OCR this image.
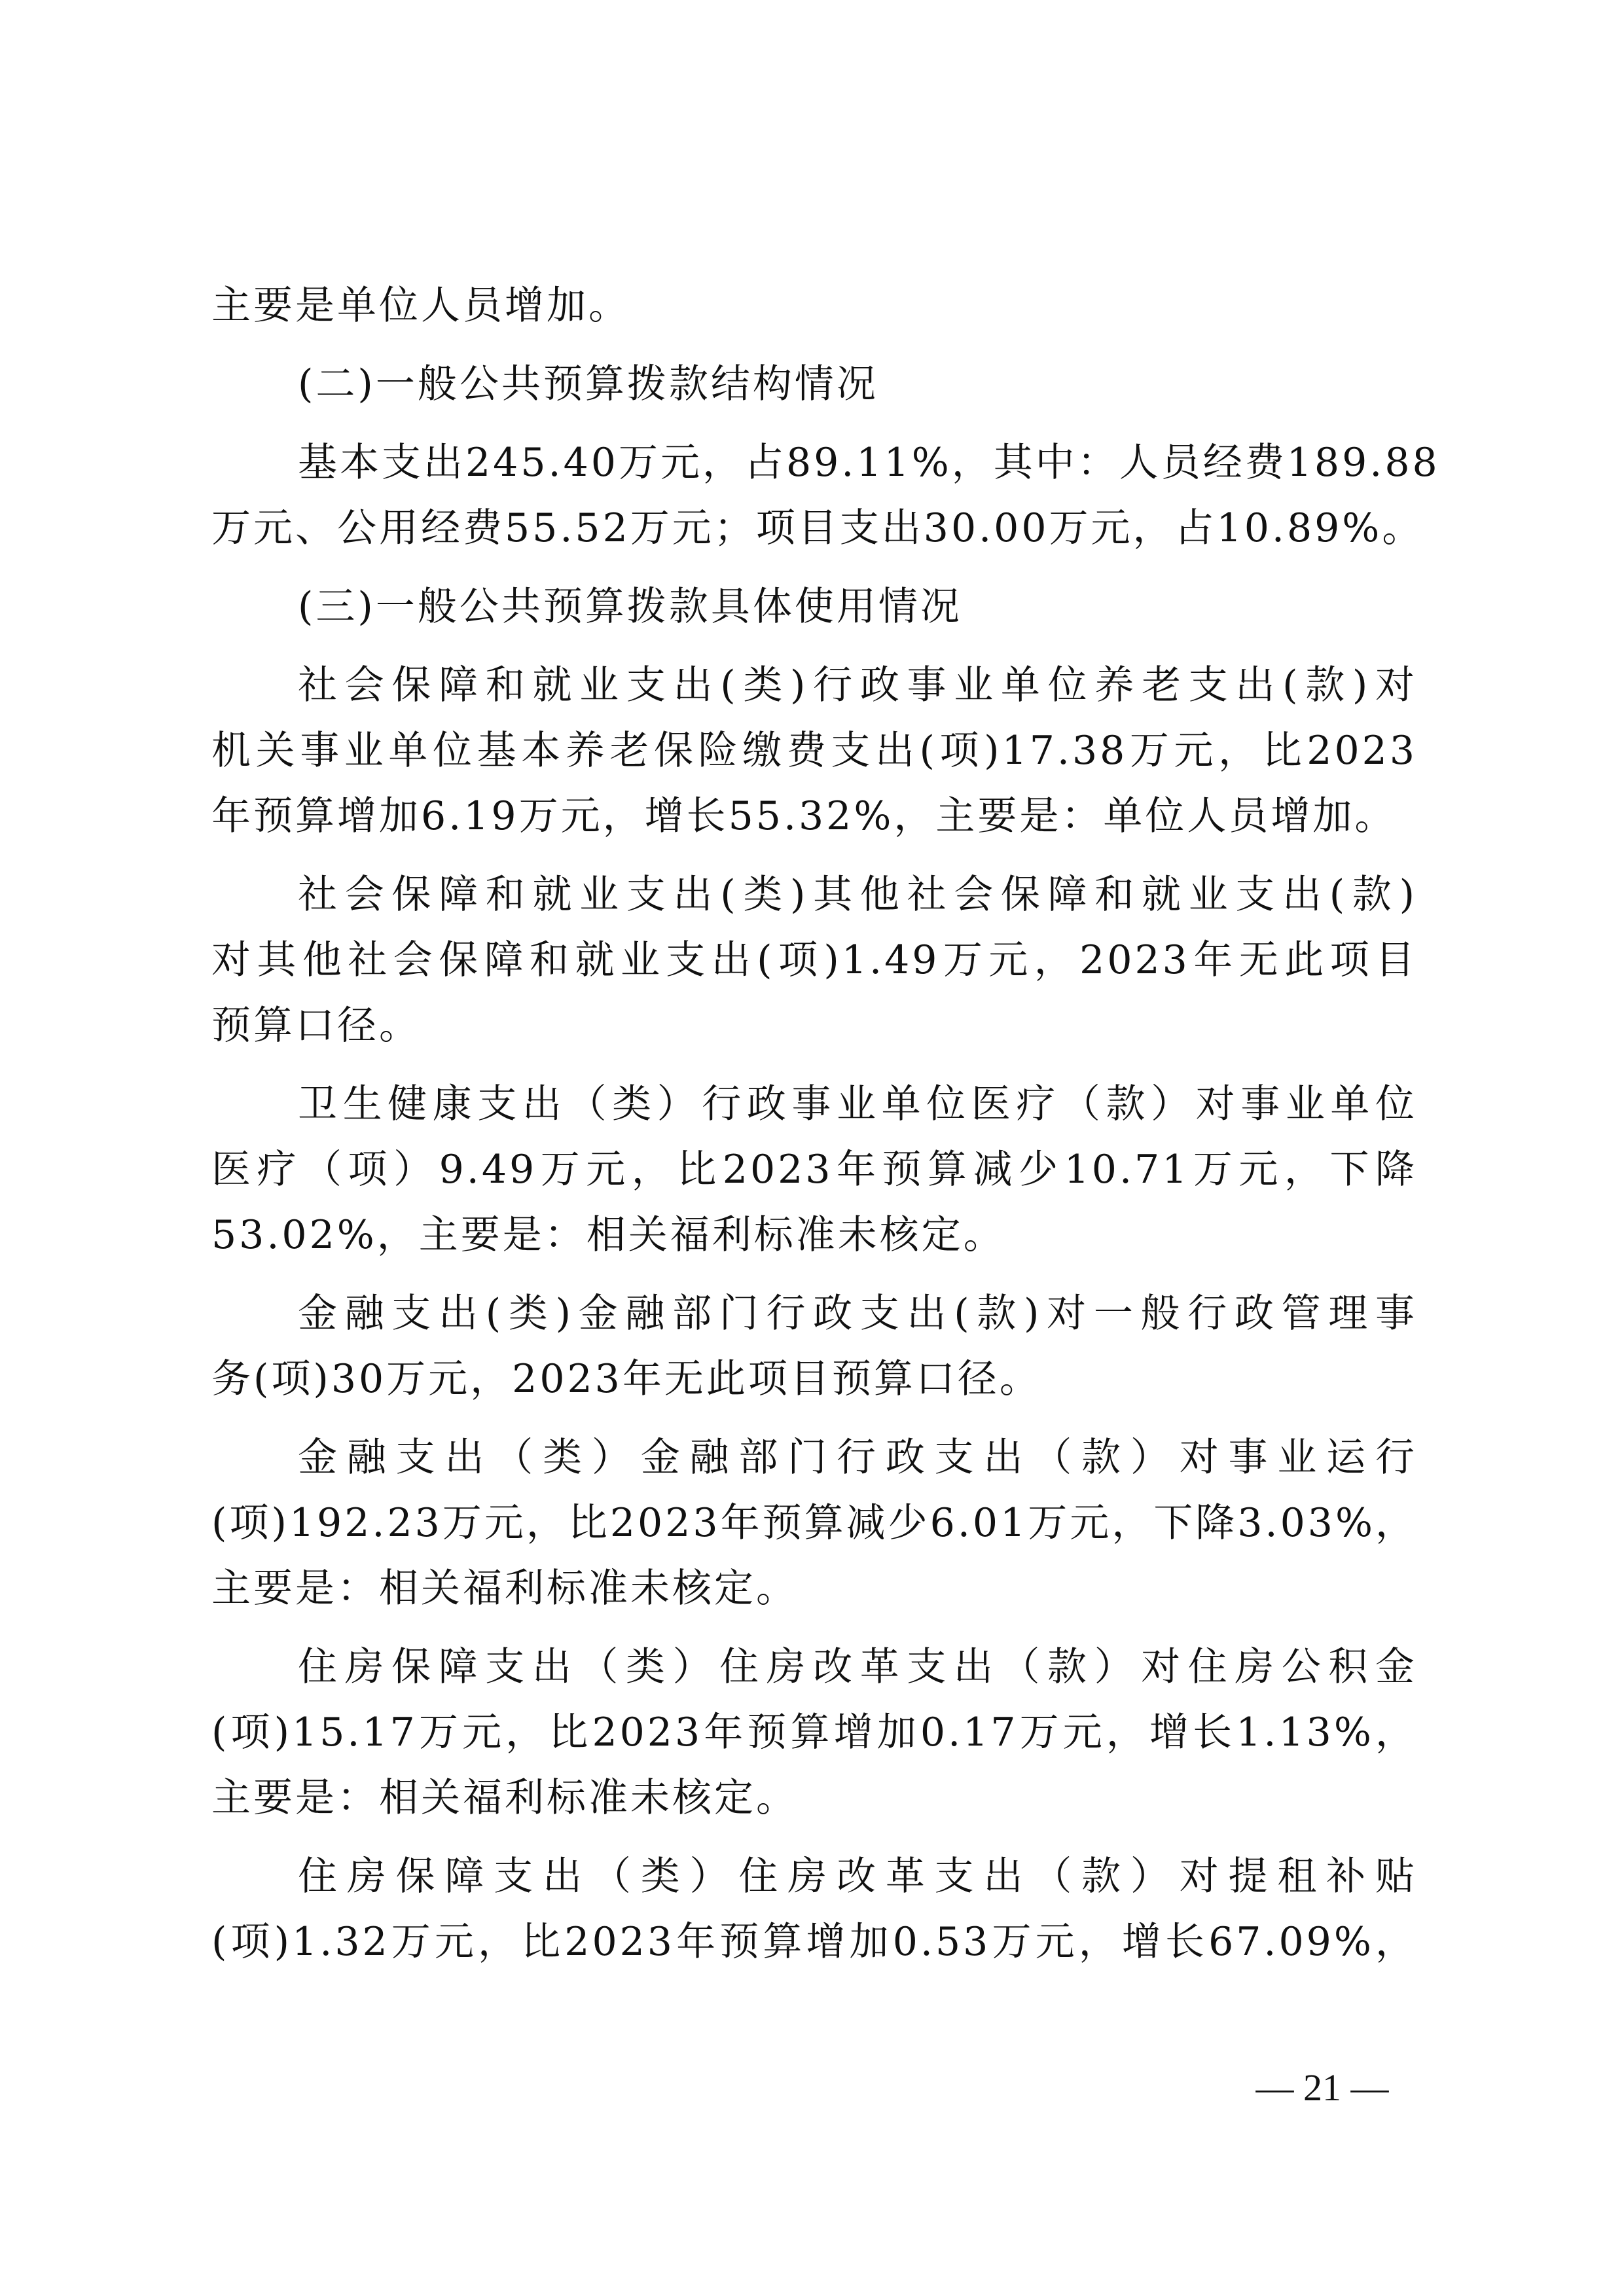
主要是单位人员增加。
(二)一般公共预算拨款结构情况
基本支出245.40万元，占89.11%，其中：人员经费189.88
万元、公用经费55.52万元；项目支出30.00万元，占10.89%。
(三)一般公共预算拨款具体使用情况
社会保障和就业支出(类)行政事业单位养老支出(款)对
机关事业单位基本养老保险缴费支出(项)17.38万元，比2023
年预算增加6.19万元，增长55.32%，主要是：单位人员增加。
社会保障和就业支出(类)其他社会保障和就业支出(款)
对其他社会保障和就业支出(项)1.49万元，2023年无此项目
预算口径。
卫生健康支出（类）行政事业单位医疗（款）对事业单位
医疗（项）9.49万元，比2023年预算减少10.71万元，下降
53.02%，主要是：相关福利标准未核定。
金融支出(类)金融部门行政支出(款)对一般行政管理事
务(项)30万元，2023年无此项目预算口径。
金融支出（类）金融部门行政支出（款）对事业运行
(项)192.23万元，比2023年预算减少6.01万元，下降3.03%，
主要是：相关福利标准未核定。
住房保障支出（类）住房改革支出（款）对住房公积金
(项)15.17万元，比2023年预算增加0.17万元，增长1.13%，
主要是：相关福利标准未核定。
住房保障支出（类）住房改革支出（款）对提租补贴
(项)1.32万元，比2023年预算增加0.53万元，增长67.09%，
— 21 —
